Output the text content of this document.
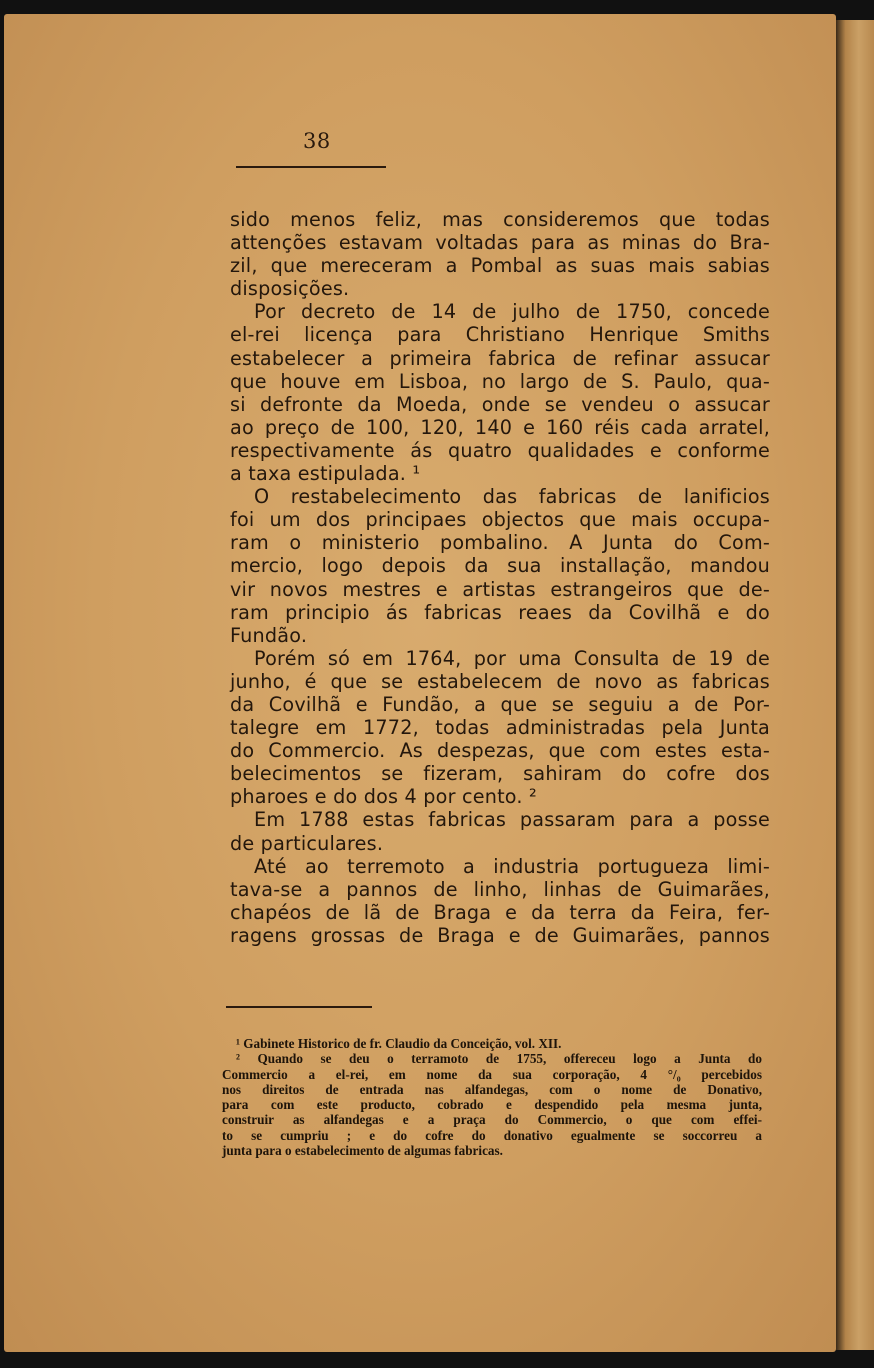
38
sido menos feliz, mas consideremos que todas
attenções estavam voltadas para as minas do Bra-
zil, que mereceram a Pombal as suas mais sabias
disposições.
Por decreto de 14 de julho de 1750, concede
el-rei licença para Christiano Henrique Smiths
estabelecer a primeira fabrica de refinar assucar
que houve em Lisboa, no largo de S. Paulo, qua-
si defronte da Moeda, onde se vendeu o assucar
ao preço de 100, 120, 140 e 160 réis cada arratel,
respectivamente ás quatro qualidades e conforme
a taxa estipulada. ¹
O restabelecimento das fabricas de lanificios
foi um dos principaes objectos que mais occupa-
ram o ministerio pombalino. A Junta do Com-
mercio, logo depois da sua installação, mandou
vir novos mestres e artistas estrangeiros que de-
ram principio ás fabricas reaes da Covilhã e do
Fundão.
Porém só em 1764, por uma Consulta de 19 de
junho, é que se estabelecem de novo as fabricas
da Covilhã e Fundão, a que se seguiu a de Por-
talegre em 1772, todas administradas pela Junta
do Commercio. As despezas, que com estes esta-
belecimentos se fizeram, sahiram do cofre dos
pharoes e do dos 4 por cento. ²
Em 1788 estas fabricas passaram para a posse
de particulares.
Até ao terremoto a industria portugueza limi-
tava-se a pannos de linho, linhas de Guimarães,
chapéos de lã de Braga e da terra da Feira, fer-
ragens grossas de Braga e de Guimarães, pannos
¹ Gabinete Historico de fr. Claudio da Conceição, vol. XII.
² Quando se deu o terramoto de 1755, offereceu logo a Junta do
Commercio a el-rei, em nome da sua corporação, 4 °/₀ percebidos
nos direitos de entrada nas alfandegas, com o nome de Donativo,
para com este producto, cobrado e despendido pela mesma junta,
construir as alfandegas e a praça do Commercio, o que com effei-
to se cumpriu ; e do cofre do donativo egualmente se soccorreu a
junta para o estabelecimento de algumas fabricas.
